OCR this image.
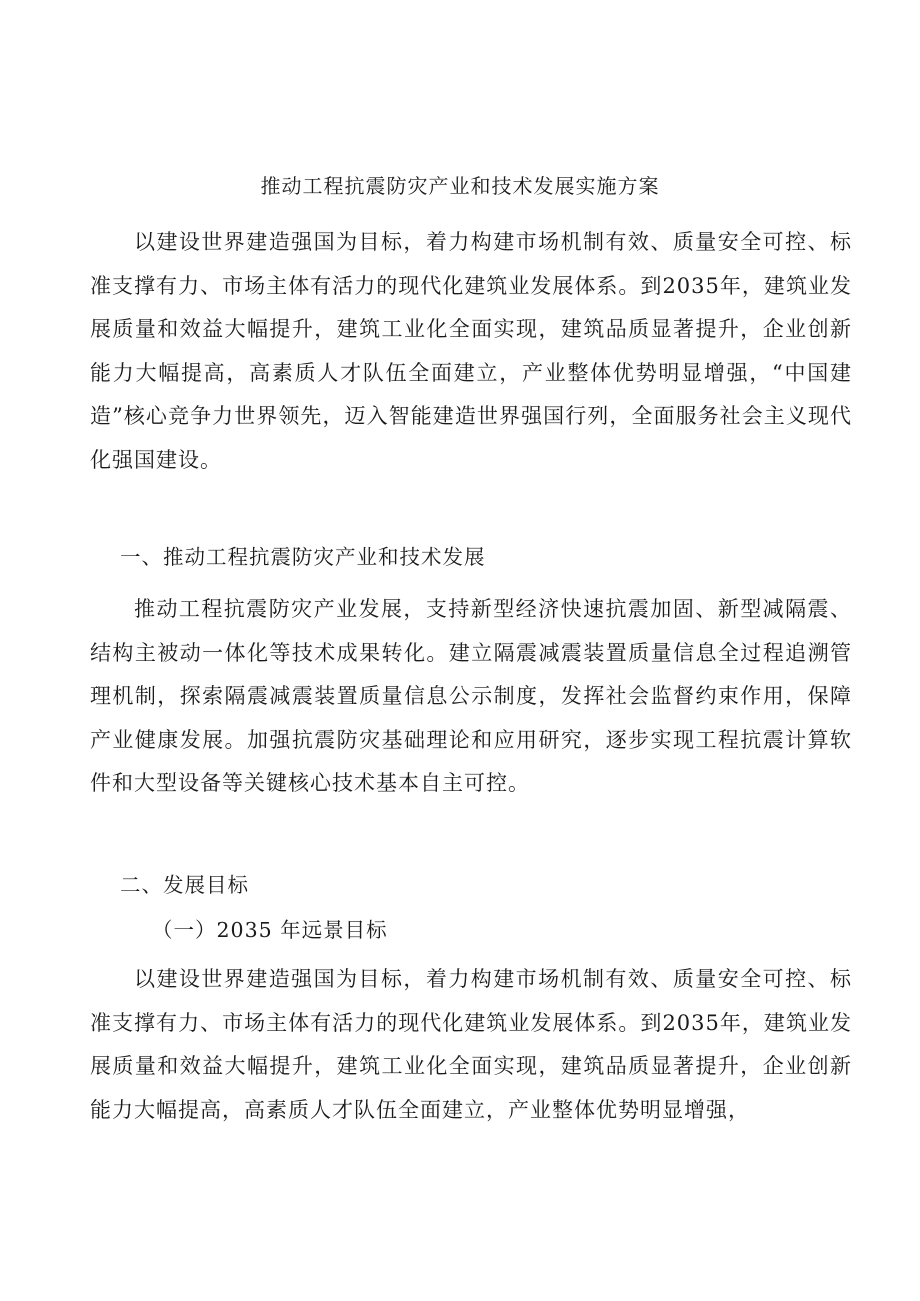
推动工程抗震防灾产业和技术发展实施方案
以建设世界建造强国为目标，着力构建市场机制有效、质量安全可控、标准支撑有力、市场主体有活力的现代化建筑业发展体系。到2035年，建筑业发展质量和效益大幅提升，建筑工业化全面实现，建筑品质显著提升，企业创新能力大幅提高，高素质人才队伍全面建立，产业整体优势明显增强，“中国建造”核心竞争力世界领先，迈入智能建造世界强国行列，全面服务社会主义现代化强国建设。
一、推动工程抗震防灾产业和技术发展
推动工程抗震防灾产业发展，支持新型经济快速抗震加固、新型减隔震、结构主被动一体化等技术成果转化。建立隔震减震装置质量信息全过程追溯管理机制，探索隔震减震装置质量信息公示制度，发挥社会监督约束作用，保障产业健康发展。加强抗震防灾基础理论和应用研究，逐步实现工程抗震计算软件和大型设备等关键核心技术基本自主可控。
二、发展目标
（一）2035 年远景目标
以建设世界建造强国为目标，着力构建市场机制有效、质量安全可控、标准支撑有力、市场主体有活力的现代化建筑业发展体系。到2035年，建筑业发展质量和效益大幅提升，建筑工业化全面实现，建筑品质显著提升，企业创新能力大幅提高，高素质人才队伍全面建立，产业整体优势明显增强，
